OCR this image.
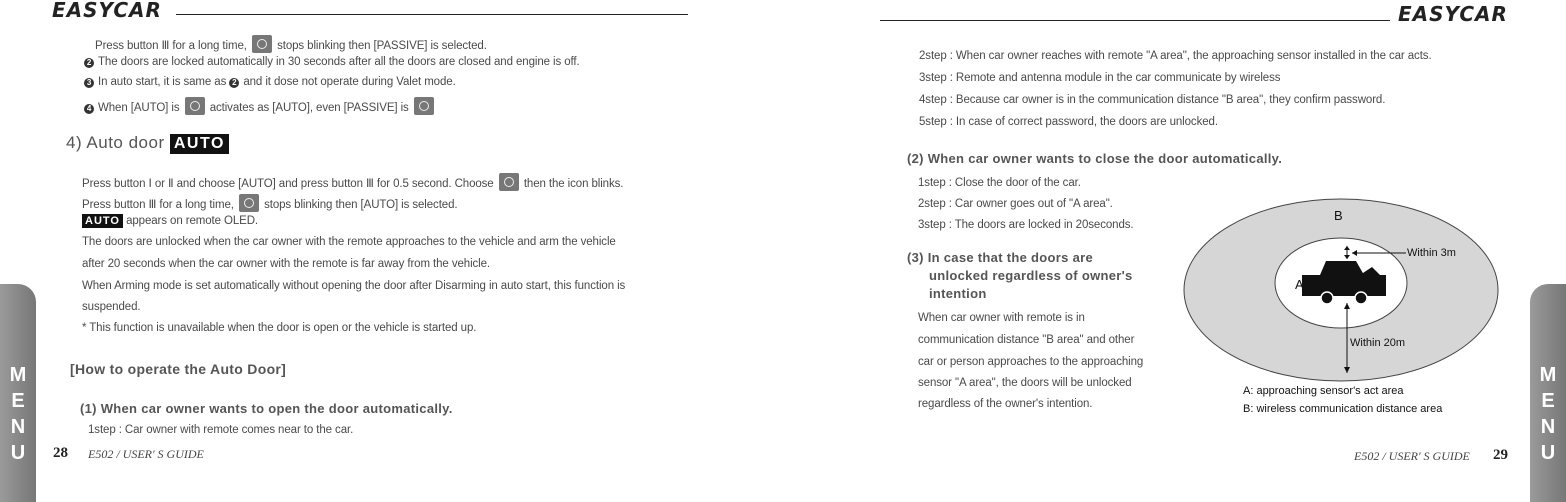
EASYCAR
Press button Ⅲ for a long time,	stops blinking then [PASSIVE] is selected.
2 The doors are locked automatically in 30 seconds after all the doors are closed and engine is off.
3 In auto start, it is same as 2 and it dose not operate during Valet mode.
4 When [AUTO] is	activates as [AUTO], even [PASSIVE] is
4) Auto door AUTO
Press button Ⅰ or Ⅱ and choose [AUTO] and press button Ⅲ for 0.5 second. Choose	then the icon blinks.
Press button Ⅲ for a long time,	stops blinking then [AUTO] is selected.
AUTO appears on remote OLED.
The doors are unlocked when the car owner with the remote approaches to the vehicle and arm the vehicle
after 20 seconds when the car owner with the remote is far away from the vehicle.
When Arming mode is set automatically without opening the door after Disarming in auto start, this function is
suspended.
* This function is unavailable when the door is open or the vehicle is started up.
[How to operate the Auto Door]
(1) When car owner wants to open the door automatically.
1step : Car owner with remote comes near to the car.
28 E502 / USER' S GUIDE
M
E
N
U
EASYCAR
2step : When car owner reaches with remote "A area", the approaching sensor installed in the car acts.
3step : Remote and antenna module in the car communicate by wireless
4step : Because car owner is in the communication distance "B area", they confirm password.
5step : In case of correct password, the doors are unlocked.
(2) When car owner wants to close the door automatically.
1step : Close the door of the car.
2step : Car owner goes out of "A area".
3step : The doors are locked in 20seconds.
(3) In case that the doors are
unlocked regardless of owner's
intention
When car owner with remote is in
communication distance "B area" and other
car or person approaches to the approaching
sensor "A area", the doors will be unlocked
regardless of the owner's intention.
B
A
Within 3m
Within 20m
A: approaching sensor's act area
B: wireless communication distance area
E502 / USER' S GUIDE 29
M
E
N
U
